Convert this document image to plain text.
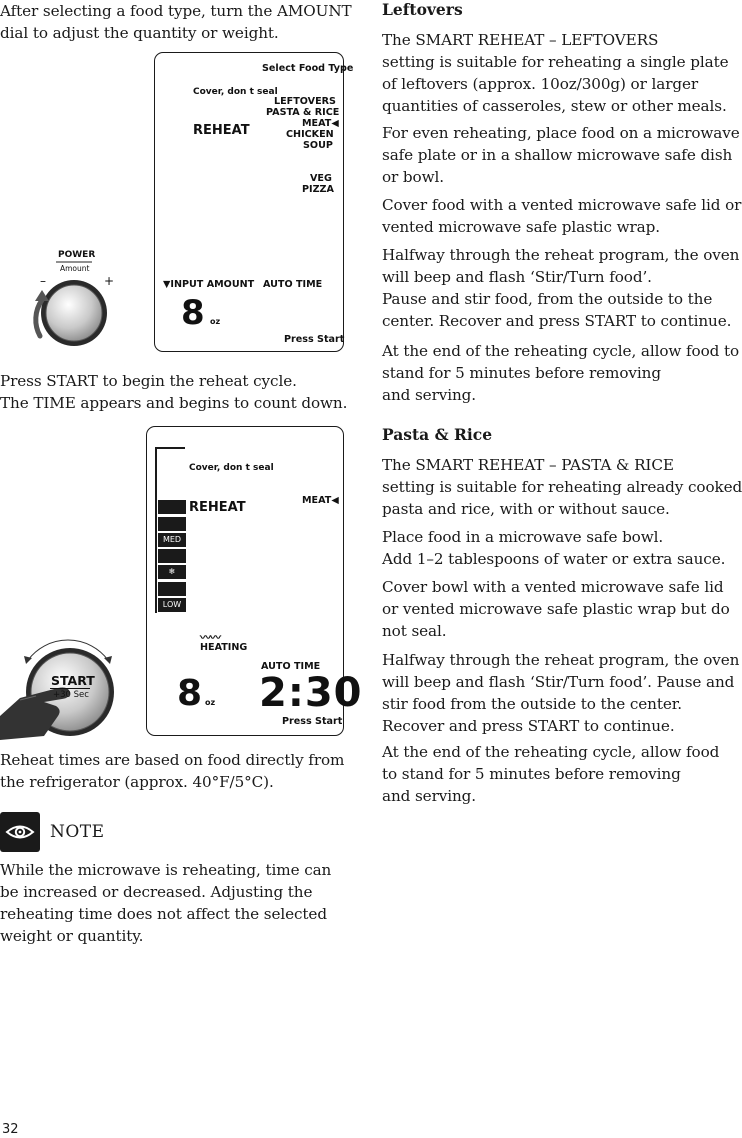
After selecting a food type, turn the AMOUNT
dial to adjust the quantity or weight.
Select Food Type
Cover, don t seal
REHEAT
LEFTOVERS
PASTA & RICE
MEAT◀
CHICKEN
SOUP
VEG
PIZZA
▼INPUT AMOUNT AUTO TIME
8 oz
Press Start
POWER
Amount
–	+
Press START to begin the reheat cycle.
The TIME appears and begins to count down.
Cover, don t seal
REHEAT	MEAT◀
〰〰
HEATING
AUTO TIME
8 oz 2:30
Press Start
MED
❄
LOW
START
+30 Sec
Reheat times are based on food directly from
the refrigerator (approx. 40°F/5°C).
NOTE
While the microwave is reheating, time can
be increased or decreased. Adjusting the
reheating time does not affect the selected
weight or quantity.
Leftovers
The SMART REHEAT – LEFTOVERS
setting is suitable for reheating a single plate
of leftovers (approx. 10oz/300g) or larger
quantities of casseroles, stew or other meals.
For even reheating, place food on a microwave
safe plate or in a shallow microwave safe dish
or bowl.
Cover food with a vented microwave safe lid or
vented microwave safe plastic wrap.
Halfway through the reheat program, the oven
will beep and flash ‘Stir/Turn food’.
Pause and stir food, from the outside to the
center. Recover and press START to continue.
At the end of the reheating cycle, allow food to
stand for 5 minutes before removing
and serving.
Pasta & Rice
The SMART REHEAT – PASTA & RICE
setting is suitable for reheating already cooked
pasta and rice, with or without sauce.
Place food in a microwave safe bowl.
Add 1–2 tablespoons of water or extra sauce.
Cover bowl with a vented microwave safe lid
or vented microwave safe plastic wrap but do
not seal.
Halfway through the reheat program, the oven
will beep and flash ‘Stir/Turn food’. Pause and
stir food from the outside to the center.
Recover and press START to continue.
At the end of the reheating cycle, allow food
to stand for 5 minutes before removing
and serving.
32
